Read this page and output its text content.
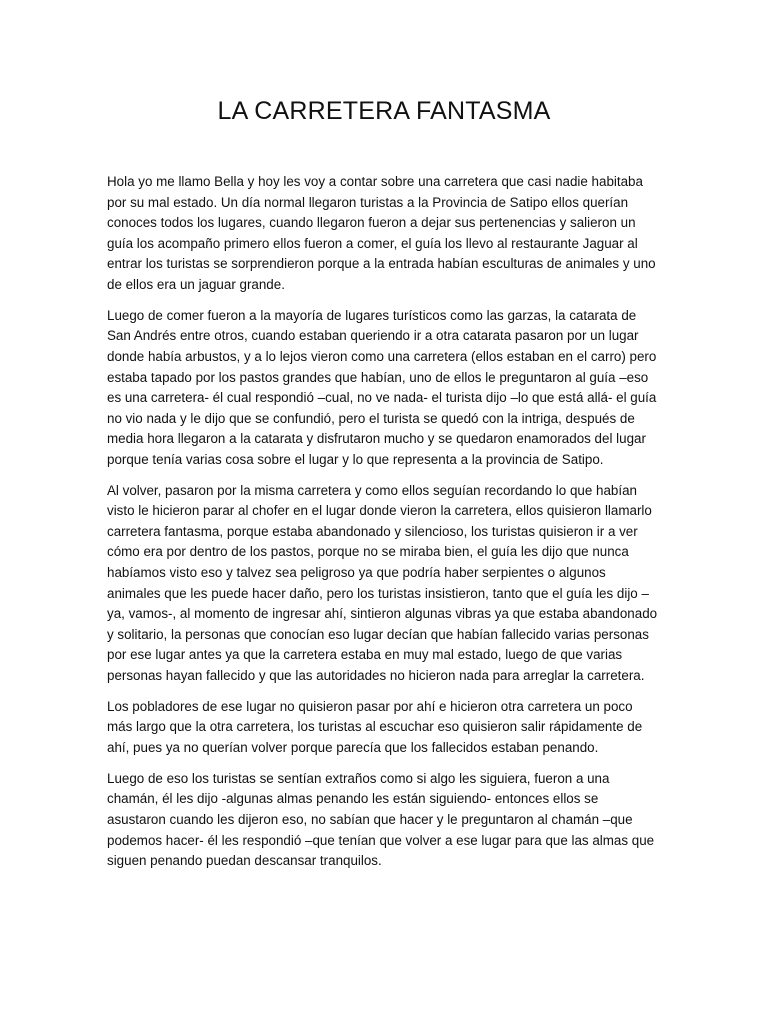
LA CARRETERA FANTASMA

Hola yo me llamo Bella y hoy les voy a contar sobre una carretera que casi nadie habitaba por su mal estado. Un día normal llegaron turistas a la Provincia de Satipo ellos querían conoces todos los lugares, cuando llegaron fueron a dejar sus pertenencias y salieron un guía los acompaño primero ellos fueron a comer, el guía los llevo al restaurante Jaguar al entrar los turistas se sorprendieron porque a la entrada habían esculturas de animales y uno de ellos era un jaguar grande.

Luego de comer fueron a la mayoría de lugares turísticos como las garzas, la catarata de San Andrés entre otros, cuando estaban queriendo ir a otra catarata pasaron por un lugar donde había arbustos, y a lo lejos vieron como una carretera (ellos estaban en el carro) pero estaba tapado por los pastos grandes que habían, uno de ellos le preguntaron al guía –eso es una carretera- él cual respondió –cual, no ve nada- el turista dijo –lo que está allá- el guía no vio nada y le dijo que se confundió, pero el turista se quedó con la intriga, después de media hora llegaron a la catarata y disfrutaron mucho y se quedaron enamorados del lugar porque tenía varias cosa sobre el lugar y lo que representa a la provincia de Satipo.

Al volver, pasaron por la misma carretera y como ellos seguían recordando lo que habían visto le hicieron parar al chofer en el lugar donde vieron la carretera, ellos quisieron llamarlo carretera fantasma, porque estaba abandonado y silencioso, los turistas quisieron ir a ver cómo era por dentro de los pastos, porque no se miraba bien, el guía les dijo que nunca habíamos visto eso y talvez sea peligroso ya que podría haber serpientes o algunos animales que les puede hacer daño, pero los turistas insistieron, tanto que el guía les dijo –ya, vamos-, al momento de ingresar ahí, sintieron algunas vibras ya que estaba abandonado y solitario, la personas que conocían eso lugar decían que habían fallecido varias personas por ese lugar antes ya que la carretera estaba en muy mal estado, luego de que varias personas hayan fallecido y que las autoridades no hicieron nada para arreglar la carretera.

Los pobladores de ese lugar no quisieron pasar por ahí e hicieron otra carretera un poco más largo que la otra carretera, los turistas al escuchar eso quisieron salir rápidamente de ahí, pues ya no querían volver porque parecía que los fallecidos estaban penando.

Luego de eso los turistas se sentían extraños como si algo les siguiera, fueron a una chamán, él les dijo -algunas almas penando les están siguiendo- entonces ellos se asustaron cuando les dijeron eso, no sabían que hacer y le preguntaron al chamán –que podemos hacer- él les respondió –que tenían que volver a ese lugar para que las almas que siguen penando puedan descansar tranquilos.
